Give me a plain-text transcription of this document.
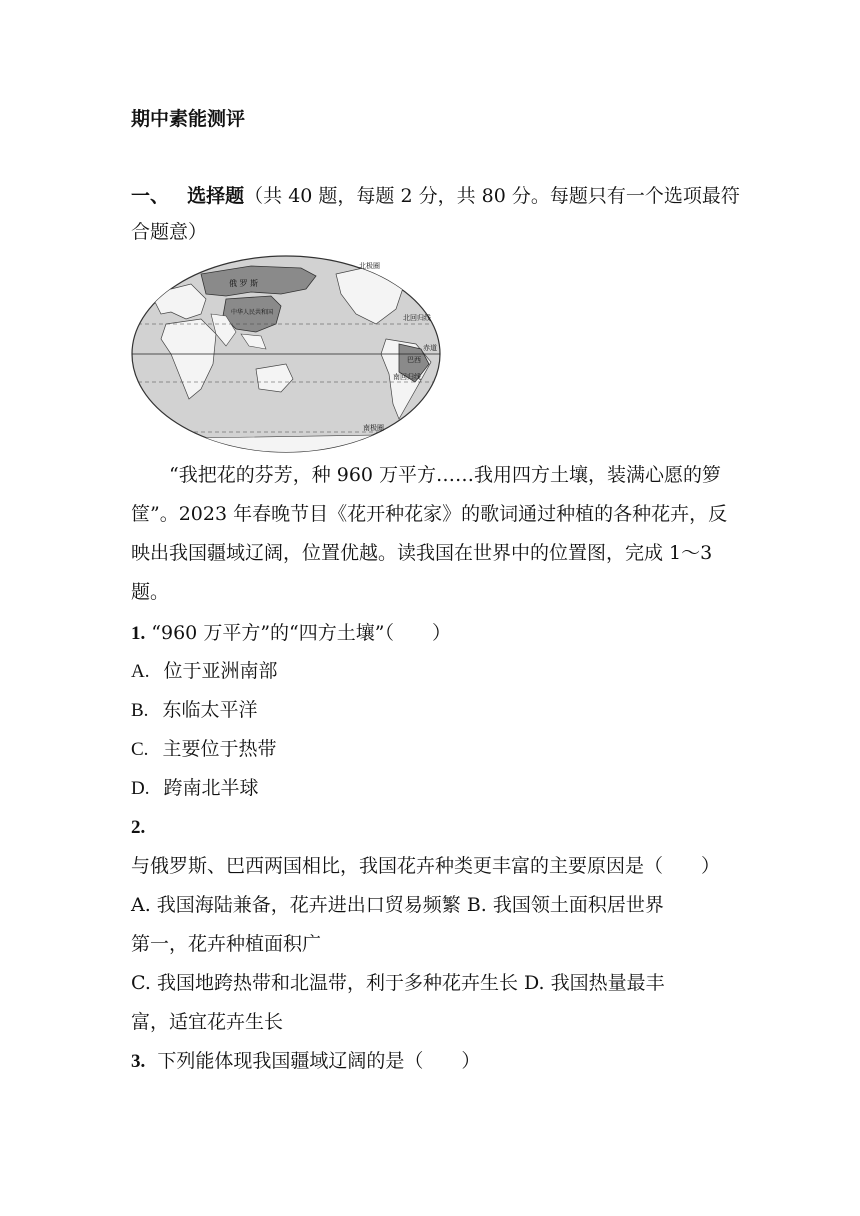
期中素能测评
一、 选择题（共 40 题，每题 2 分，共 80 分。每题只有一个选项最符合题意）
俄 罗 斯
中华人民共和国
北回归线
赤道
巴西
南回归线
南极圈
北极圈
“我把花的芬芳，种 960 万平方……我用四方土壤，装满心愿的箩筐”。2023 年春晚节目《花开种花家》的歌词通过种植的各种花卉，反映出我国疆域辽阔，位置优越。读我国在世界中的位置图，完成 1～3 题。
1. “960 万平方”的“四方土壤”（　　）
A. 位于亚洲南部
B. 东临太平洋
C. 主要位于热带
D. 跨南北半球
2.
与俄罗斯、巴西两国相比，我国花卉种类更丰富的主要原因是（　　）
A. 我国海陆兼备，花卉进出口贸易频繁 B. 我国领土面积居世界
第一，花卉种植面积广
C. 我国地跨热带和北温带，利于多种花卉生长 D. 我国热量最丰
富，适宜花卉生长
3. 下列能体现我国疆域辽阔的是（　　）
